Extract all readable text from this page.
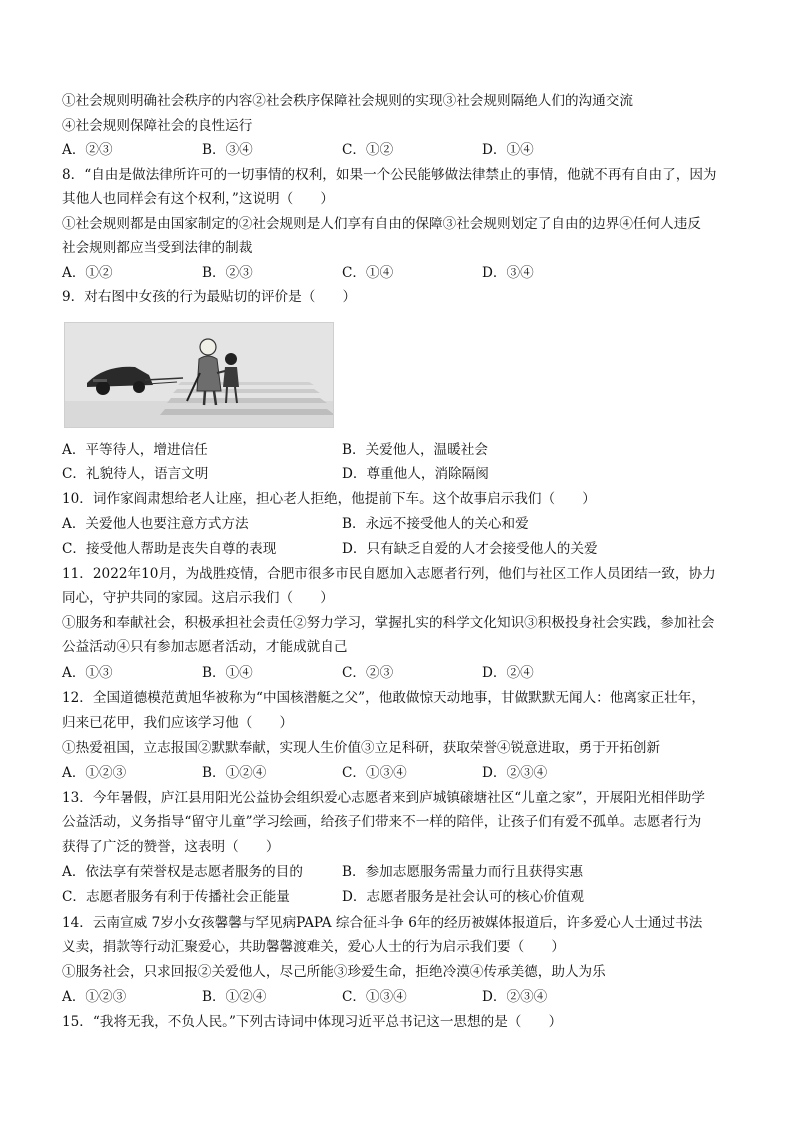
①社会规则明确社会秩序的内容②社会秩序保障社会规则的实现③社会规则隔绝人们的沟通交流
④社会规则保障社会的良性运行
A．②③	B．③④	C．①②	D．①④
8．“自由是做法律所许可的一切事情的权利，如果一个公民能够做法律禁止的事情，他就不再有自由了，因为
其他人也同样会有这个权利，”这说明（　　）
①社会规则都是由国家制定的②社会规则是人们享有自由的保障③社会规则划定了自由的边界④任何人违反
社会规则都应当受到法律的制裁
A．①②	B．②③	C．①④	D．③④
9．对右图中女孩的行为最贴切的评价是（　　）
A．平等待人，增进信任	B．关爱他人，温暖社会
C．礼貌待人，语言文明	D．尊重他人，消除隔阂
10．词作家阎肃想给老人让座，担心老人拒绝，他提前下车。这个故事启示我们（　　）
A．关爱他人也要注意方式方法	B．永远不接受他人的关心和爱
C．接受他人帮助是丧失自尊的表现	D．只有缺乏自爱的人才会接受他人的关爱
11．2022年10月，为战胜疫情，合肥市很多市民自愿加入志愿者行列，他们与社区工作人员团结一致，协力
同心，守护共同的家园。这启示我们（　　）
①服务和奉献社会，积极承担社会责任②努力学习，掌握扎实的科学文化知识③积极投身社会实践，参加社会
公益活动④只有参加志愿者活动，才能成就自己
A．①③	B．①④	C．②③	D．②④
12．全国道德模范黄旭华被称为“中国核潜艇之父”，他敢做惊天动地事，甘做默默无闻人：他离家正壮年，
归来已花甲，我们应该学习他（　　）
①热爱祖国，立志报国②默默奉献，实现人生价值③立足科研，获取荣誉④锐意进取，勇于开拓创新
A．①②③	B．①②④	C．①③④	D．②③④
13．今年暑假，庐江县用阳光公益协会组织爱心志愿者来到庐城镇磙塘社区“儿童之家”，开展阳光相伴助学
公益活动，义务指导“留守儿童”学习绘画，给孩子们带来不一样的陪伴，让孩子们有爱不孤单。志愿者行为
获得了广泛的赞誉，这表明（　　）
A．依法享有荣誉权是志愿者服务的目的	B．参加志愿服务需量力而行且获得实惠
C．志愿者服务有利于传播社会正能量	D．志愿者服务是社会认可的核心价值观
14．云南宣威 7岁小女孩馨馨与罕见病PAPA 综合征斗争 6年的经历被媒体报道后，许多爱心人士通过书法
义卖，捐款等行动汇聚爱心，共助馨馨渡难关，爱心人士的行为启示我们要（　　）
①服务社会，只求回报②关爱他人，尽己所能③珍爱生命，拒绝冷漠④传承美德，助人为乐
A．①②③	B．①②④	C．①③④	D．②③④
15．“我将无我，不负人民。”下列古诗词中体现习近平总书记这一思想的是（　　）
